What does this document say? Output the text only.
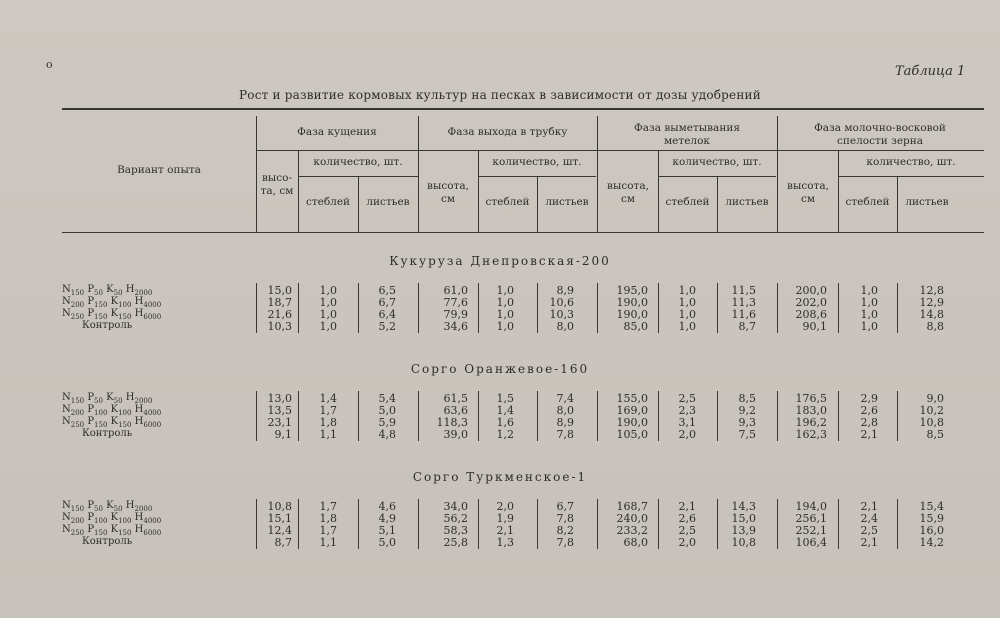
ο	Таблица 1
Рост и развитие кормовых культур на песках в зависимости от дозы удобрений
Вариант опыта
Фаза кущения	Фаза выхода в трубку	Фаза выметывания метелок
Фаза молочно-восковой спелости зерна
высо-та, см	высота, см
высота, см
высота, см
количество, шт.	количество, шт.	количество, шт.	количество, шт.
стеблей	листьев	стеблей	листьев	стеблей	листьев	стеблей	листьев
Кукуруза Днепровская-200
Сорго Оранжевое-160
Сорго Туркменское-1
$N_{150}$ $P_{50}$ $K_{50}$ $H_{2000}$	15,0	1,0	6,5	61,0	1,0	8,9	195,0	1,0	11,5	200,0	1,0	12,8
$N_{200}$ $P_{150}$ $K_{100}$ $H_{4000}$	18,7	1,0	6,7	77,6	1,0	10,6	190,0	1,0	11,3	202,0	1,0	12,9
$N_{250}$ $P_{150}$ $K_{150}$ $H_{6000}$	21,6	1,0	6,4	79,9	1,0	10,3	190,0	1,0	11,6	208,6	1,0	14,8
Контроль	10,3	1,0	5,2	34,6	1,0	8,0	85,0	1,0	8,7	90,1	1,0	8,8
$N_{150}$ $P_{50}$ $K_{50}$ $H_{2000}$	13,0	1,4	5,4	61,5	1,5	7,4	155,0	2,5	8,5	176,5	2,9	9,0
$N_{200}$ $P_{100}$ $K_{100}$ $H_{4000}$	13,5	1,7	5,0	63,6	1,4	8,0	169,0	2,3	9,2	183,0	2,6	10,2
$N_{250}$ $P_{150}$ $K_{150}$ $H_{6000}$	23,1	1,8	5,9	118,3	1,6	8,9	190,0	3,1	9,3	196,2	2,8	10,8
Контроль	9,1	1,1	4,8	39,0	1,2	7,8	105,0	2,0	7,5	162,3	2,1	8,5
$N_{150}$ $P_{50}$ $K_{50}$ $H_{2000}$	10,8	1,7	4,6	34,0	2,0	6,7	168,7	2,1	14,3	194,0	2,1	15,4
$N_{200}$ $P_{100}$ $K_{100}$ $H_{4000}$	15,1	1,8	4,9	56,2	1,9	7,8	240,0	2,6	15,0	256,1	2,4	15,9
$N_{250}$ $P_{150}$ $K_{150}$ $H_{6000}$	12,4	1,7	5,1	58,3	2,1	8,2	233,2	2,5	13,9	252,1	2,5	16,0
Контроль	8,7	1,1	5,0	25,8	1,3	7,8	68,0	2,0	10,8	106,4	2,1	14,2
